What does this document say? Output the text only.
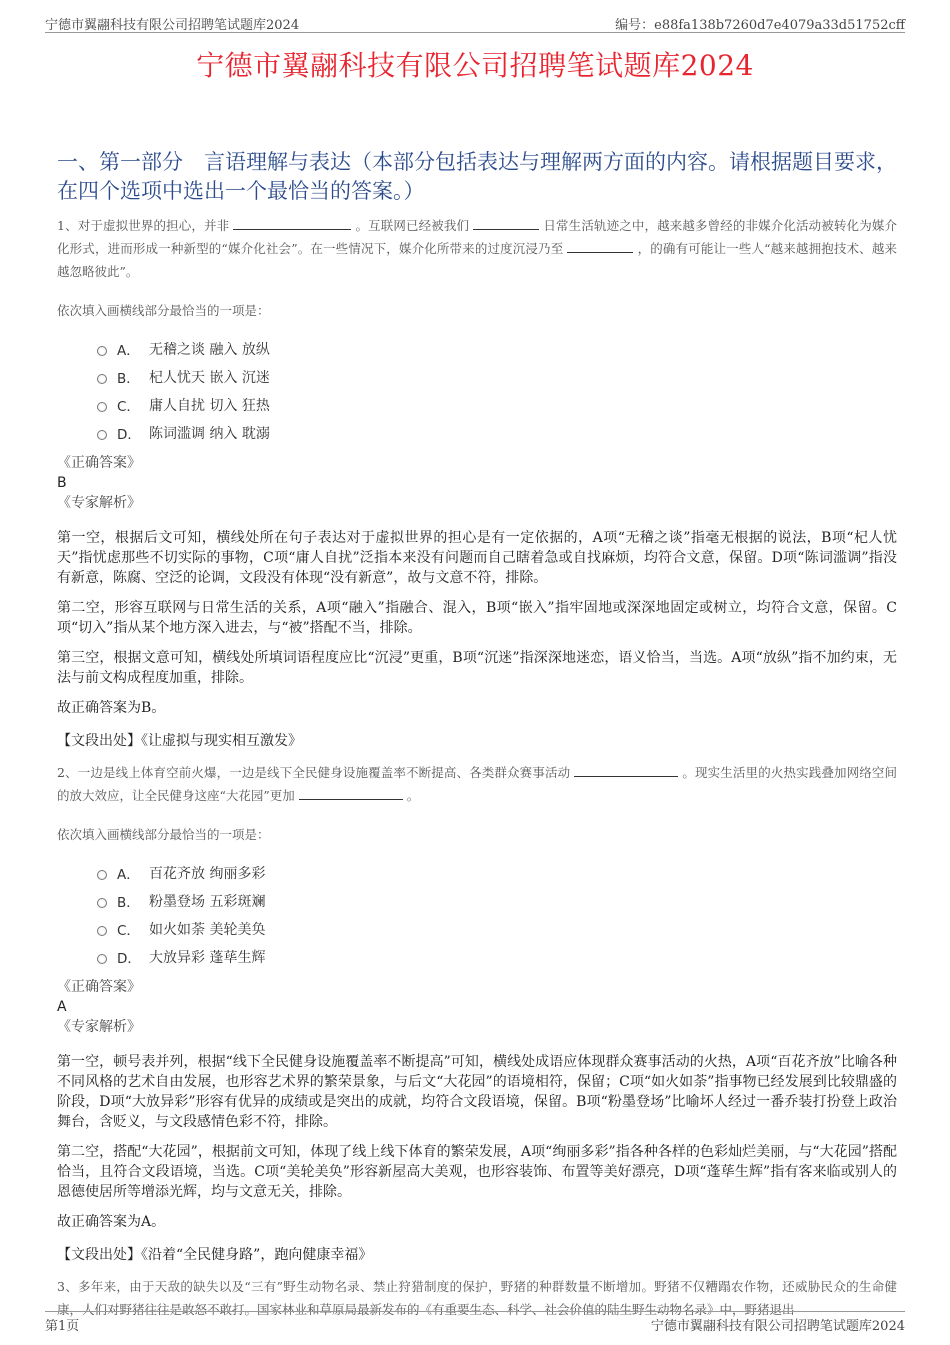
宁德市翼翮科技有限公司招聘笔试题库2024	编号：e88fa138b7260d7e4079a33d51752cff
宁德市翼翮科技有限公司招聘笔试题库2024
一、第一部分　言语理解与表达（本部分包括表达与理解两方面的内容。请根据题目要求，在四个选项中选出一个最恰当的答案。）

1、对于虚拟世界的担心，并非	。互联网已经被我们	日常生活轨迹之中，越来越多曾经的非媒介化活动被转化为媒介化形式，进而形成一种新型的“媒介化社会”。在一些情况下，媒介化所带来的过度沉浸乃至	，的确有可能让一些人“越来越拥抱技术、越来越忽略彼此”。

依次填入画横线部分最恰当的一项是：

A． 无稽之谈 融入 放纵
B． 杞人忧天 嵌入 沉迷
C． 庸人自扰 切入 狂热
D． 陈词滥调 纳入 耽溺

《正确答案》

B

《专家解析》

第一空，根据后文可知，横线处所在句子表达对于虚拟世界的担心是有一定依据的，A项“无稽之谈”指毫无根据的说法，B项“杞人忧天”指忧虑那些不切实际的事物，C项“庸人自扰”泛指本来没有问题而自己瞎着急或自找麻烦，均符合文意，保留。D项“陈词滥调”指没有新意，陈腐、空泛的论调，文段没有体现“没有新意”，故与文意不符，排除。

第二空，形容互联网与日常生活的关系，A项“融入”指融合、混入，B项“嵌入”指牢固地或深深地固定或树立，均符合文意，保留。C项“切入”指从某个地方深入进去，与“被”搭配不当，排除。

第三空，根据文意可知，横线处所填词语程度应比“沉浸”更重，B项“沉迷”指深深地迷恋，语义恰当，当选。A项“放纵”指不加约束，无法与前文构成程度加重，排除。

故正确答案为B。

【文段出处】《让虚拟与现实相互激发》

2、一边是线上体育空前火爆，一边是线下全民健身设施覆盖率不断提高、各类群众赛事活动	。现实生活里的火热实践叠加网络空间的放大效应，让全民健身这座“大花园”更加	。

依次填入画横线部分最恰当的一项是：

A． 百花齐放 绚丽多彩
B． 粉墨登场 五彩斑斓
C． 如火如荼 美轮美奂
D． 大放异彩 蓬荜生辉

《正确答案》

A

《专家解析》

第一空，顿号表并列，根据“线下全民健身设施覆盖率不断提高”可知，横线处成语应体现群众赛事活动的火热，A项“百花齐放”比喻各种不同风格的艺术自由发展，也形容艺术界的繁荣景象，与后文“大花园”的语境相符，保留；C项“如火如荼”指事物已经发展到比较鼎盛的阶段，D项“大放异彩”形容有优异的成绩或是突出的成就，均符合文段语境，保留。B项“粉墨登场”比喻坏人经过一番乔装打扮登上政治舞台，含贬义，与文段感情色彩不符，排除。

第二空，搭配“大花园”，根据前文可知，体现了线上线下体育的繁荣发展，A项“绚丽多彩”指各种各样的色彩灿烂美丽，与“大花园”搭配恰当，且符合文段语境，当选。C项“美轮美奂”形容新屋高大美观，也形容装饰、布置等美好漂亮，D项“蓬荜生辉”指有客来临或别人的恩德使居所等增添光辉，均与文意无关，排除。

故正确答案为A。

【文段出处】《沿着“全民健身路”，跑向健康幸福》

3、多年来，由于天敌的缺失以及“三有”野生动物名录、禁止狩猎制度的保护，野猪的种群数量不断增加。野猪不仅糟蹋农作物，还威胁民众的生命健康，人们对野猪往往是敢怒不敢打。国家林业和草原局最新发布的《有重要生态、科学、社会价值的陆生野生动物名录》中，野猪退出

第1页	宁德市翼翮科技有限公司招聘笔试题库2024
